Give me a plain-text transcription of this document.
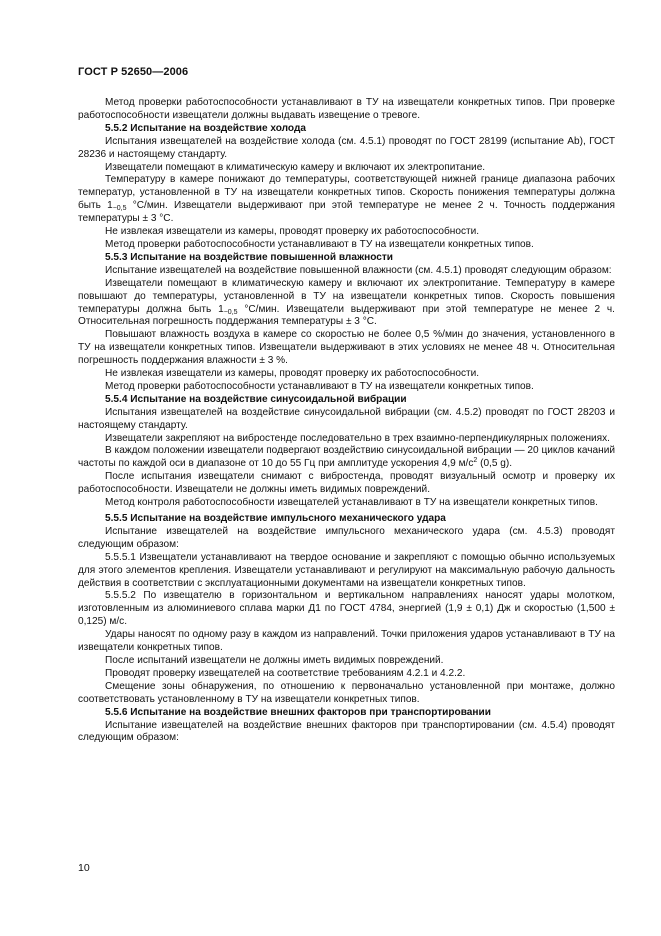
ГОСТ Р 52650—2006

Метод проверки работоспособности устанавливают в ТУ на извещатели конкретных типов. При проверке работоспособности извещатели должны выдавать извещение о тревоге.

5.5.2 Испытание на воздействие холода

Испытания извещателей на воздействие холода (см. 4.5.1) проводят по ГОСТ 28199 (испытание Ab), ГОСТ 28236 и настоящему стандарту.

Извещатели помещают в климатическую камеру и включают их электропитание.

Температуру в камере понижают до температуры, соответствующей нижней границе диапазона рабочих температур, установленной в ТУ на извещатели конкретных типов. Скорость понижения температуры должна быть $1_{-0,5}$ °С/мин. Извещатели выдерживают при этой температуре не менее 2 ч. Точность поддержания температуры ± 3 °С.

Не извлекая извещатели из камеры, проводят проверку их работоспособности.

Метод проверки работоспособности устанавливают в ТУ на извещатели конкретных типов.

5.5.3 Испытание на воздействие повышенной влажности

Испытание извещателей на воздействие повышенной влажности (см. 4.5.1) проводят следующим образом:

Извещатели помещают в климатическую камеру и включают их электропитание. Температуру в камере повышают до температуры, установленной в ТУ на извещатели конкретных типов. Скорость повышения температуры должна быть $1_{-0,5}$ °С/мин. Извещатели выдерживают при этой температуре не менее 2 ч. Относительная погрешность поддержания температуры ± 3 °С.

Повышают влажность воздуха в камере со скоростью не более 0,5 %/мин до значения, установленного в ТУ на извещатели конкретных типов. Извещатели выдерживают в этих условиях не менее 48 ч. Относительная погрешность поддержания влажности ± 3 %.

Не извлекая извещатели из камеры, проводят проверку их работоспособности.

Метод проверки работоспособности устанавливают в ТУ на извещатели конкретных типов.

5.5.4 Испытание на воздействие синусоидальной вибрации

Испытания извещателей на воздействие синусоидальной вибрации (см. 4.5.2) проводят по ГОСТ 28203 и настоящему стандарту.

Извещатели закрепляют на вибростенде последовательно в трех взаимно-перпендикулярных положениях.

В каждом положении извещатели подвергают воздействию синусоидальной вибрации — 20 циклов качаний частоты по каждой оси в диапазоне от 10 до 55 Гц при амплитуде ускорения 4,9 $м/с^2$ (0,5 g).

После испытания извещатели снимают с вибростенда, проводят визуальный осмотр и проверку их работоспособности. Извещатели не должны иметь видимых повреждений.

Метод контроля работоспособности извещателей устанавливают в ТУ на извещатели конкретных типов.

5.5.5 Испытание на воздействие импульсного механического удара

Испытание извещателей на воздействие импульсного механического удара (см. 4.5.3) проводят следующим образом:

5.5.5.1 Извещатели устанавливают на твердое основание и закрепляют с помощью обычно используемых для этого элементов крепления. Извещатели устанавливают и регулируют на максимальную рабочую дальность действия в соответствии с эксплуатационными документами на извещатели конкретных типов.

5.5.5.2 По извещателю в горизонтальном и вертикальном направлениях наносят удары молотком, изготовленным из алюминиевого сплава марки Д1 по ГОСТ 4784, энергией (1,9 ± 0,1) Дж и скоростью (1,500 ± 0,125) м/с.

Удары наносят по одному разу в каждом из направлений. Точки приложения ударов устанавливают в ТУ на извещатели конкретных типов.

После испытаний извещатели не должны иметь видимых повреждений.

Проводят проверку извещателей на соответствие требованиям 4.2.1 и 4.2.2.

Смещение зоны обнаружения, по отношению к первоначально установленной при монтаже, должно соответствовать установленному в ТУ на извещатели конкретных типов.

5.5.6 Испытание на воздействие внешних факторов при транспортировании

Испытание извещателей на воздействие внешних факторов при транспортировании (см. 4.5.4) проводят следующим образом:

10
